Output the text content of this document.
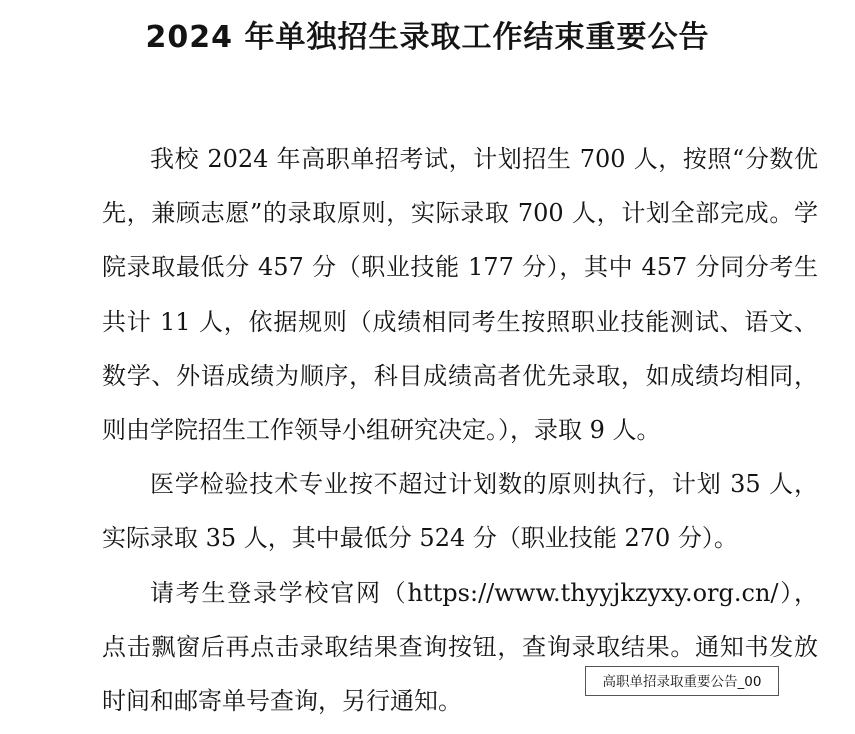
2024 年单独招生录取工作结束重要公告

我校 2024 年高职单招考试，计划招生 700 人，按照“分数优先，兼顾志愿”的录取原则，实际录取 700 人，计划全部完成。学院录取最低分 457 分（职业技能 177 分），其中 457 分同分考生共计 11 人，依据规则（成绩相同考生按照职业技能测试、语文、数学、外语成绩为顺序，科目成绩高者优先录取，如成绩均相同，则由学院招生工作领导小组研究决定。），录取 9 人。

医学检验技术专业按不超过计划数的原则执行，计划 35 人，实际录取 35 人，其中最低分 524 分（职业技能 270 分）。

请考生登录学校官网（https://www.thyyjkzyxy.org.cn/），点击飘窗后再点击录取结果查询按钮，查询录取结果。通知书发放时间和邮寄单号查询，另行通知。

高职单招录取重要公告_00
